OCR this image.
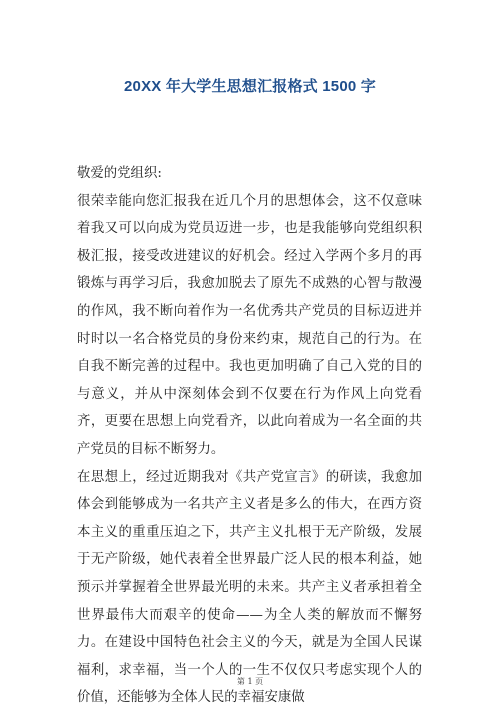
20XX 年大学生思想汇报格式 1500 字

敬爱的党组织:

很荣幸能向您汇报我在近几个月的思想体会，这不仅意味着我又可以向成为党员迈进一步，也是我能够向党组织积极汇报，接受改进建议的好机会。经过入学两个多月的再锻炼与再学习后，我愈加脱去了原先不成熟的心智与散漫的作风，我不断向着作为一名优秀共产党员的目标迈进并时时以一名合格党员的身份来约束，规范自己的行为。在自我不断完善的过程中。我也更加明确了自己入党的目的与意义，并从中深刻体会到不仅要在行为作风上向党看齐，更要在思想上向党看齐，以此向着成为一名全面的共产党员的目标不断努力。

在思想上，经过近期我对《共产党宣言》的研读，我愈加体会到能够成为一名共产主义者是多么的伟大，在西方资本主义的重重压迫之下，共产主义扎根于无产阶级，发展于无产阶级，她代表着全世界最广泛人民的根本利益，她预示并掌握着全世界最光明的未来。共产主义者承担着全世界最伟大而艰辛的使命——为全人类的解放而不懈努力。在建设中国特色社会主义的今天，就是为全国人民谋福利，求幸福，当一个人的一生不仅仅只考虑实现个人的价值，还能够为全体人民的幸福安康做

第 1 页
